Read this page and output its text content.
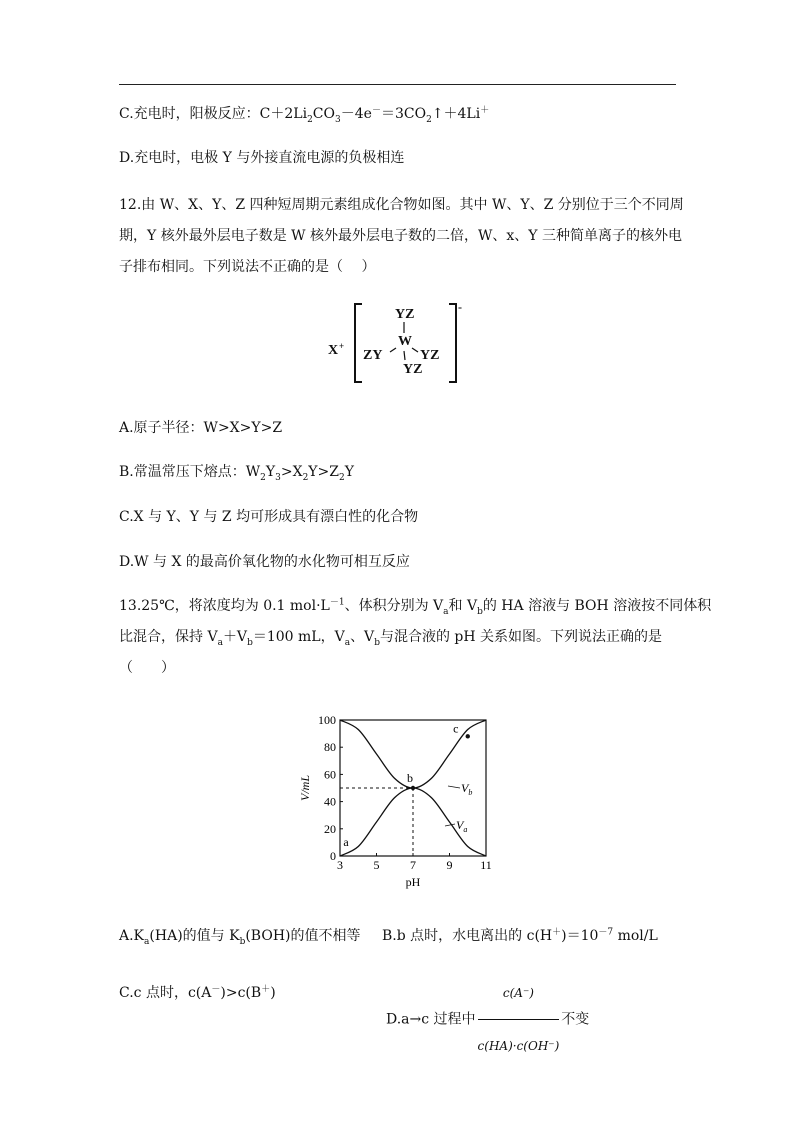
C.充电时，阳极反应：$C+2Li_2CO_3-4e^-=3CO_2↑+4Li^+$
D.充电时，电极 Y 与外接直流电源的负极相连
12.由 W、X、Y、Z 四种短周期元素组成化合物如图。其中 W、Y、Z 分别位于三个不同周
期，Y 核外最外层电子数是 W 核外最外层电子数的二倍，W、x、Y 三种简单离子的核外电
子排布相同。下列说法不正确的是（　 ）
X +
YZ
W
ZY	YZ
YZ
-
A.原子半径：W>X>Y>Z
B.常温常压下熔点：$W_2Y_3>X_2Y>Z_2Y$
C.X 与 Y、Y 与 Z 均可形成具有漂白性的化合物
D.W 与 X 的最高价氧化物的水化物可相互反应
13.25℃，将浓度均为 0.1 $mol\cdot L^{-1}$、体积分别为 $V_a$和 $V_b$的 HA 溶液与 BOH 溶液按不同体积
比混合，保持 $V_a+V_b=100$ mL，$V_a$、$V_b$与混合液的 pH 关系如图。下列说法正确的是
（　　）
3	5	7	9 11
0
20
40
60
80
100
a
b
c
pH
V/mL	$V_b$
$V_a$
$A.K_a(HA)$的值与 $K_b(BOH)$的值不相等 B.b 点时，水电离出的 $c(H^+)=10^{-7}$ mol/L
C.c 点时，c(A－)>c(B＋)
D.a→c 过程中 $\frac{c(A^-)}{c(HA)\cdot c(OH^-)}$ 不变
